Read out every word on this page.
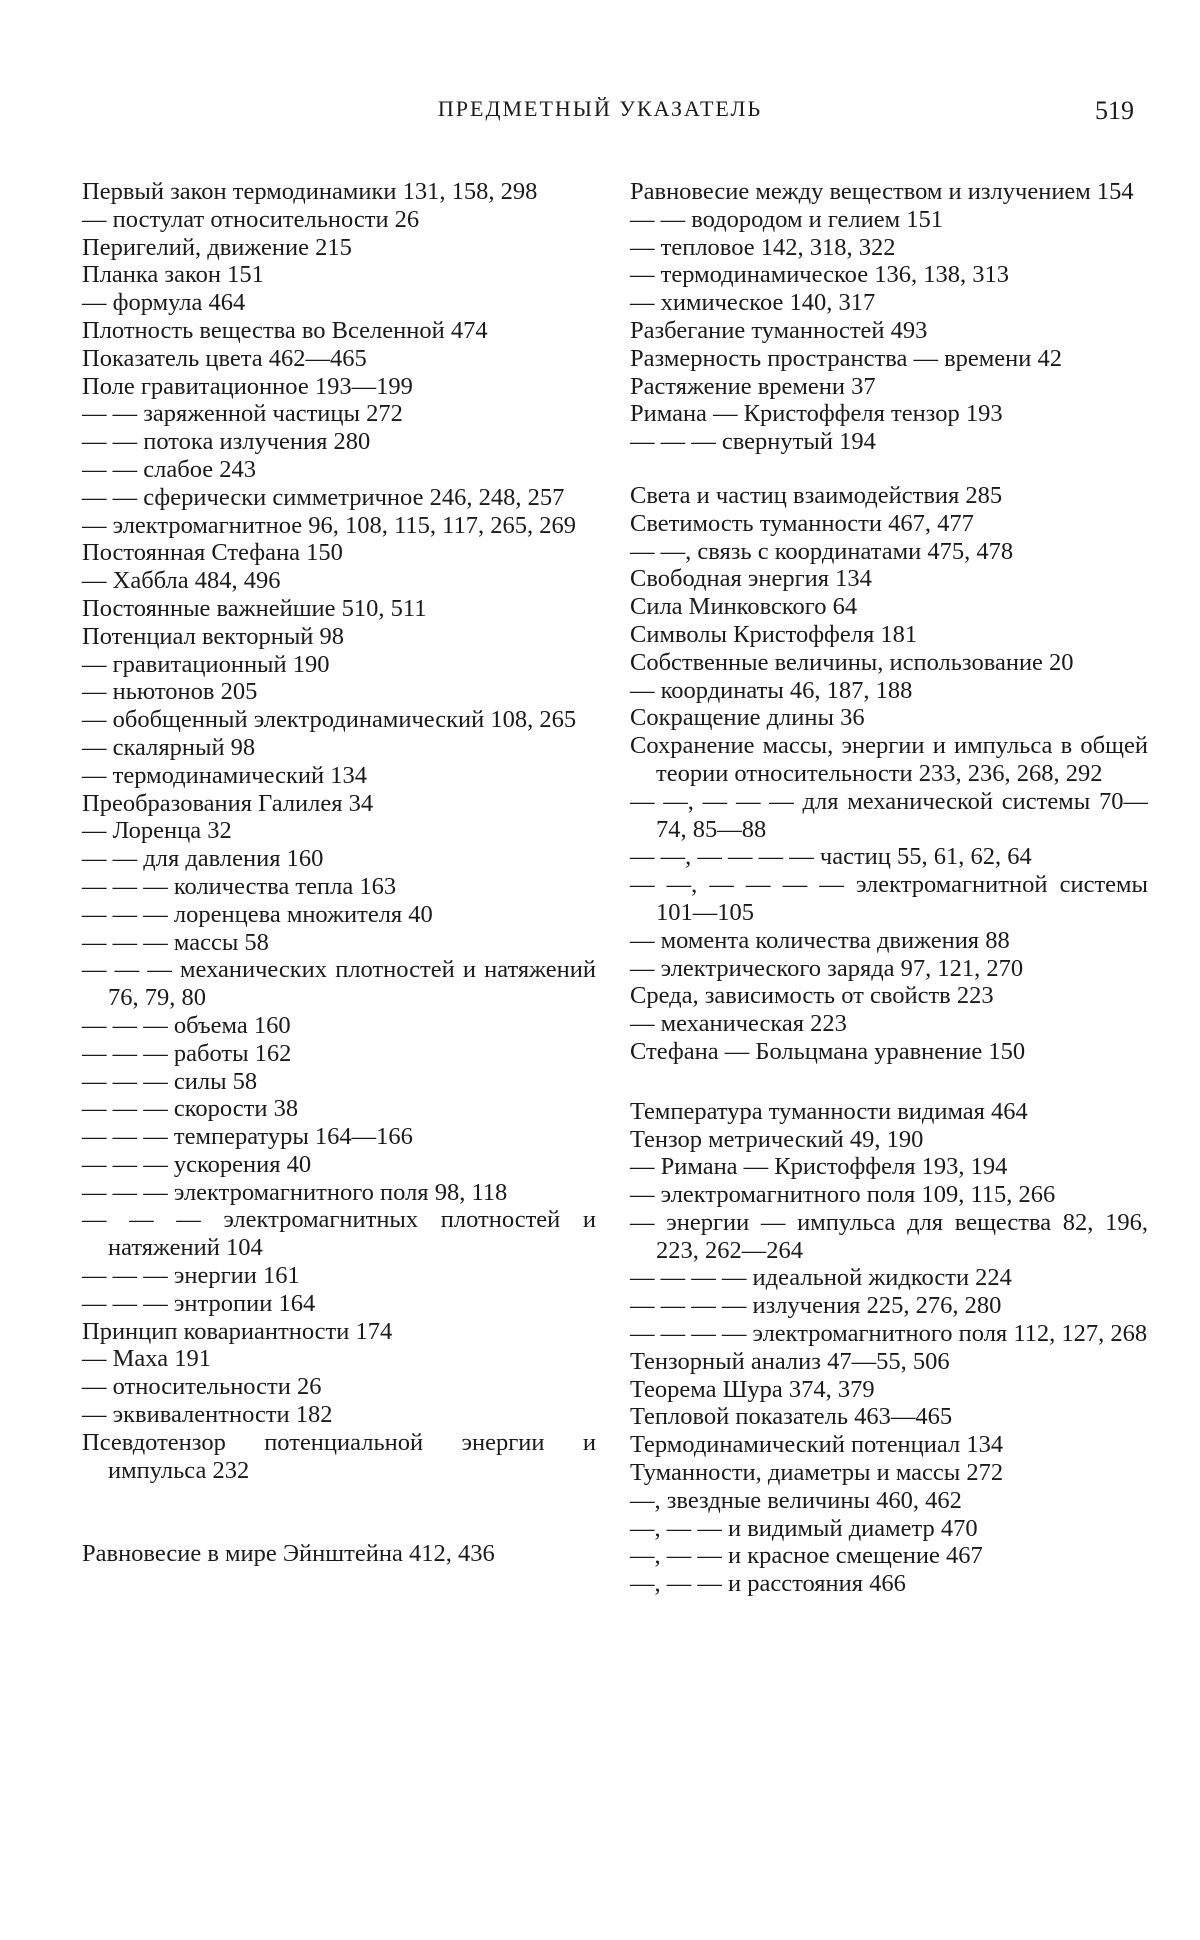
ПРЕДМЕТНЫЙ УКАЗАТЕЛЬ	519
Первый закон термодинамики 131, 158, 298
— постулат относительности 26
Перигелий, движение 215
Планка закон 151
— формула 464
Плотность вещества во Вселенной 474
Показатель цвета 462—465
Поле гравитационное 193—199
— — заряженной частицы 272
— — потока излучения 280
— — слабое 243
— — сферически симметричное 246, 248, 257
— электромагнитное 96, 108, 115, 117, 265, 269
Постоянная Стефана 150
— Хаббла 484, 496
Постоянные важнейшие 510, 511
Потенциал векторный 98
— гравитационный 190
— ньютонов 205
— обобщенный электродинамический 108, 265
— скалярный 98
— термодинамический 134
Преобразования Галилея 34
— Лоренца 32
— — для давления 160
— — — количества тепла 163
— — — лоренцева множителя 40
— — — массы 58
— — — механических плотностей и натяжений 76, 79, 80
— — — объема 160
— — — работы 162
— — — силы 58
— — — скорости 38
— — — температуры 164—166
— — — ускорения 40
— — — электромагнитного поля 98, 118
— — — электромагнитных плотностей и натяжений 104
— — — энергии 161
— — — энтропии 164
Принцип ковариантности 174
— Маха 191
— относительности 26
— эквивалентности 182
Псевдотензор потенциальной энергии и импульса 232
Равновесие в мире Эйнштейна 412, 436
Равновесие между веществом и излучением 154
— — водородом и гелием 151
— тепловое 142, 318, 322
— термодинамическое 136, 138, 313
— химическое 140, 317
Разбегание туманностей 493
Размерность пространства — времени 42
Растяжение времени 37
Римана — Кристоффеля тензор 193
— — — свернутый 194
Света и частиц взаимодействия 285
Светимость туманности 467, 477
— —, связь с координатами 475, 478
Свободная энергия 134
Сила Минковского 64
Символы Кристоффеля 181
Собственные величины, использование 20
— координаты 46, 187, 188
Сокращение длины 36
Сохранение массы, энергии и импульса в общей теории относительности 233, 236, 268, 292
— —, — — — для механической системы 70—74, 85—88
— —, — — — — частиц 55, 61, 62, 64
— —, — — — — электромагнитной системы 101—105
— момента количества движения 88
— электрического заряда 97, 121, 270
Среда, зависимость от свойств 223
— механическая 223
Стефана — Больцмана уравнение 150
Температура туманности видимая 464
Тензор метрический 49, 190
— Римана — Кристоффеля 193, 194
— электромагнитного поля 109, 115, 266
— энергии — импульса для вещества 82, 196, 223, 262—264
— — — — идеальной жидкости 224
— — — — излучения 225, 276, 280
— — — — электромагнитного поля 112, 127, 268
Тензорный анализ 47—55, 506
Теорема Шура 374, 379
Тепловой показатель 463—465
Термодинамический потенциал 134
Туманности, диаметры и массы 272
—, звездные величины 460, 462
—, — — и видимый диаметр 470
—, — — и красное смещение 467
—, — — и расстояния 466
